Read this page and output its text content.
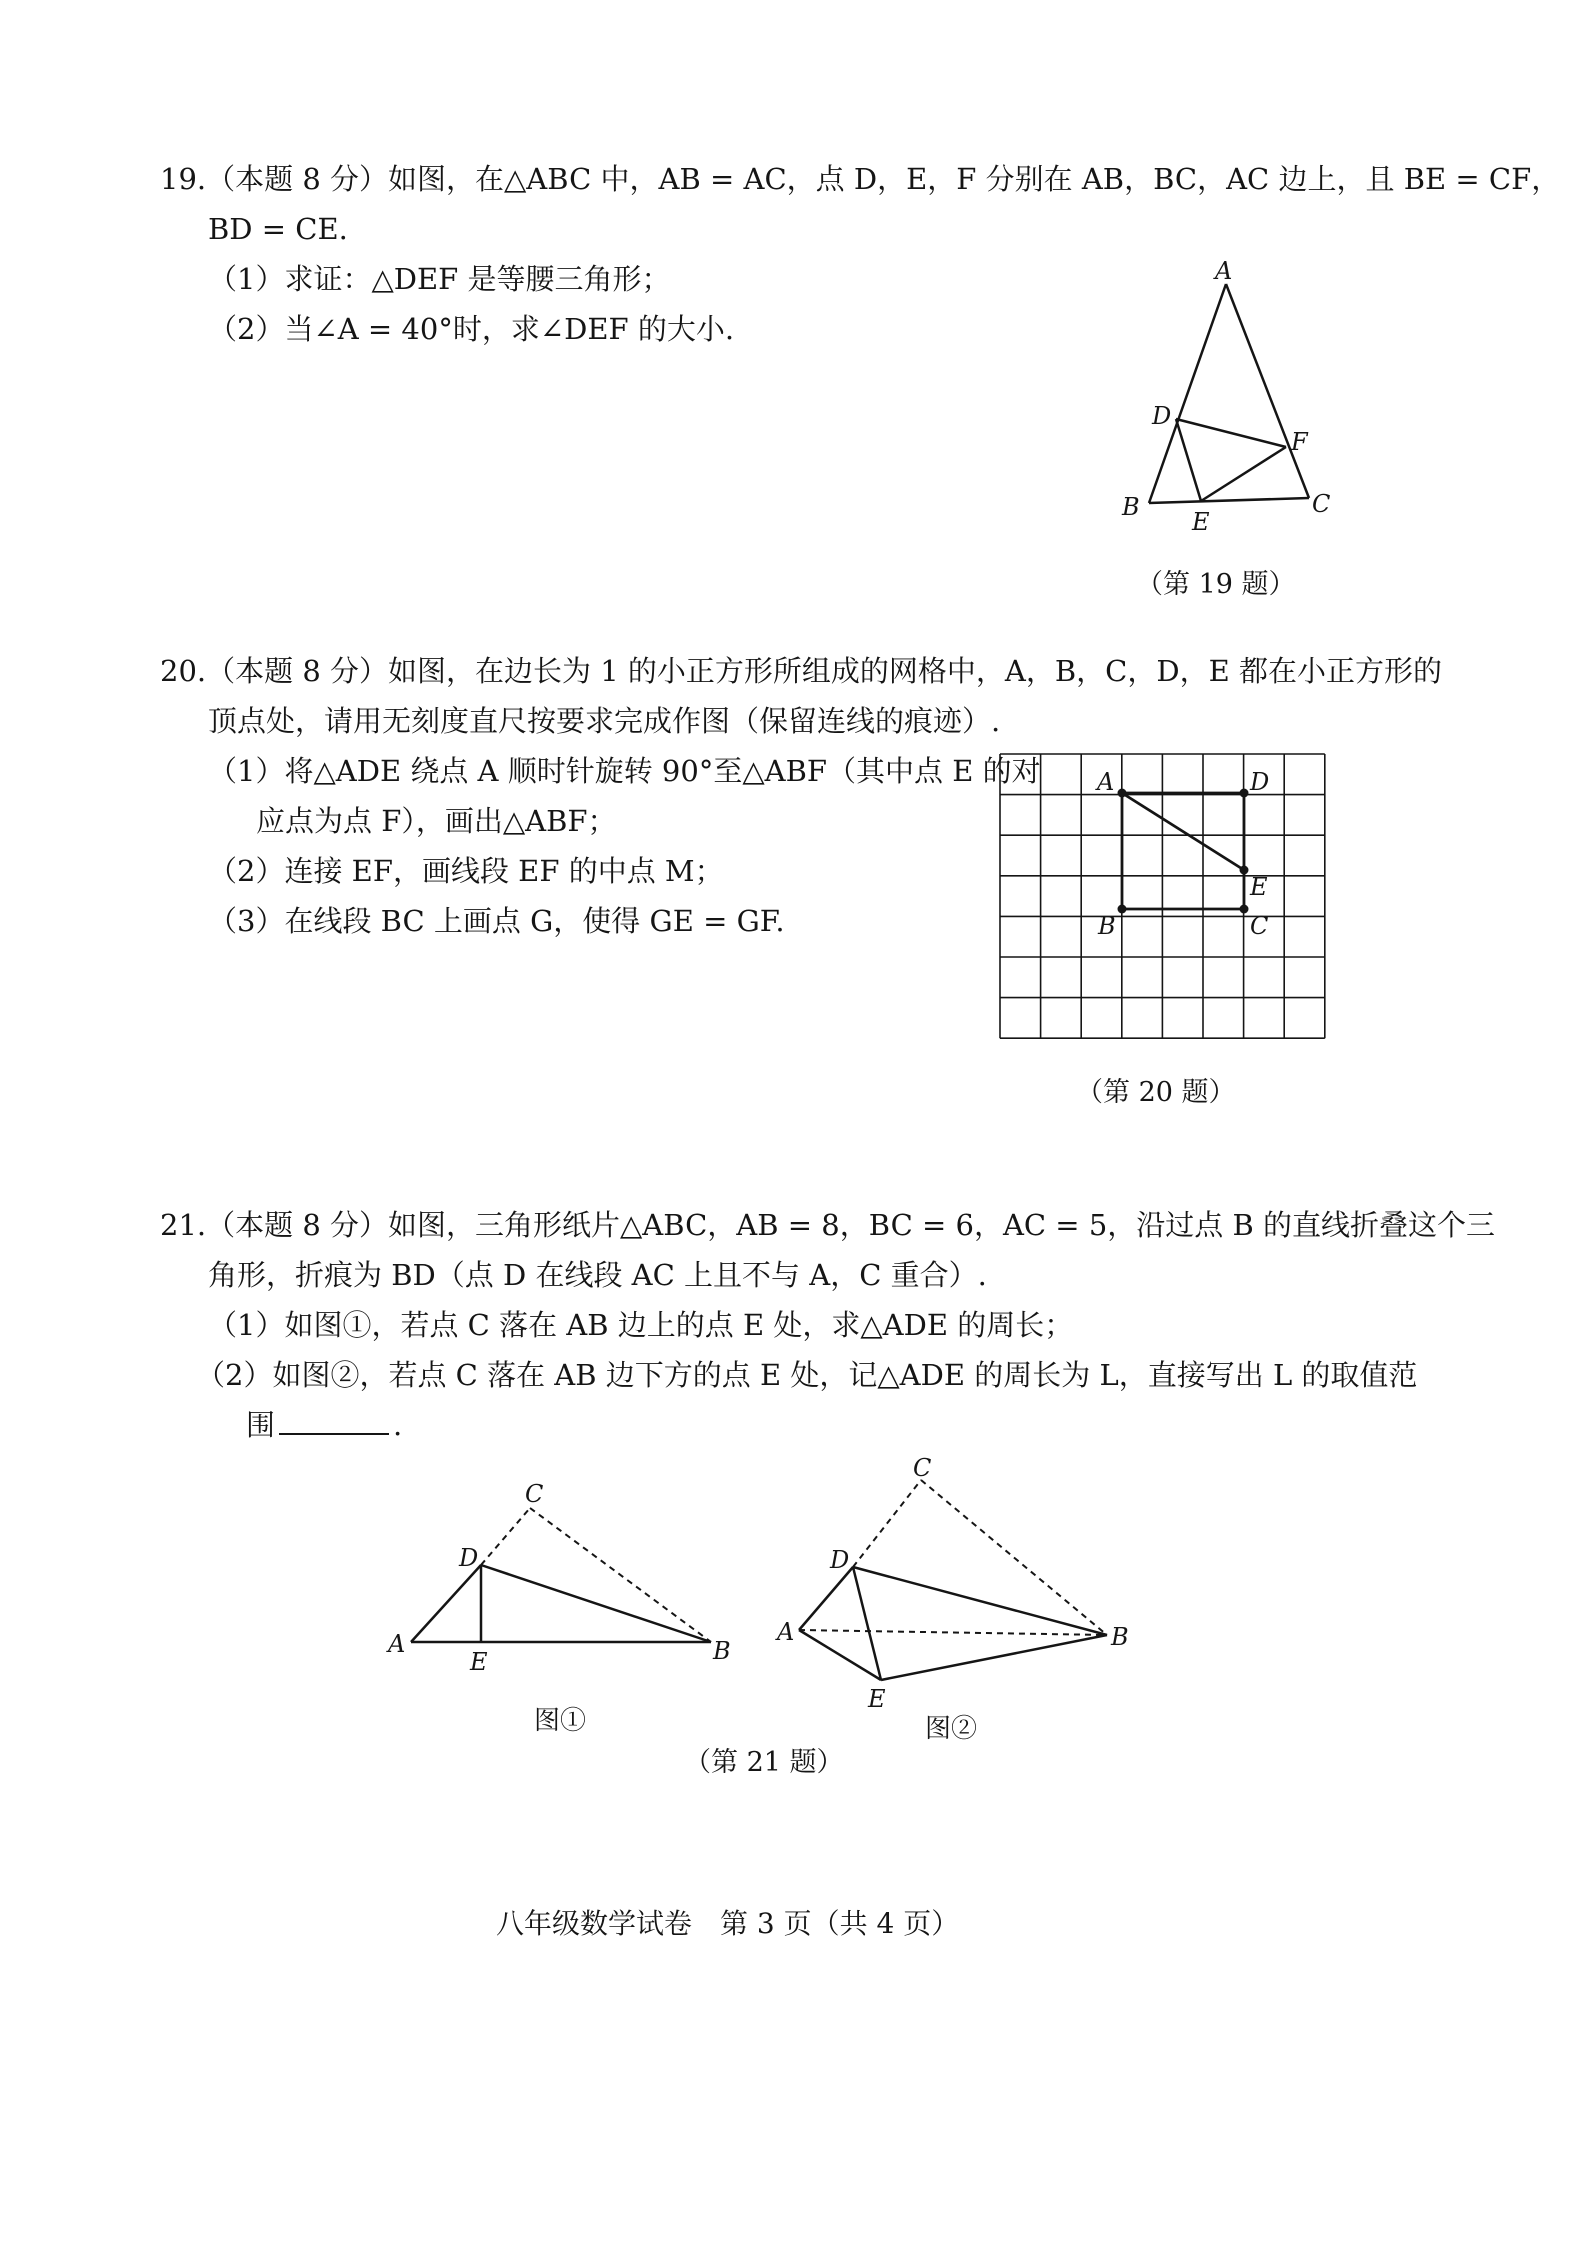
19.（本题 8 分）如图，在△ABC 中，AB = AC，点 D，E，F 分别在 AB，BC，AC 边上，且 BE = CF，
BD = CE.
（1）求证：△DEF 是等腰三角形；
（2）当∠A = 40°时，求∠DEF 的大小.
A
D
F
B
E
C
（第 19 题）
20.（本题 8 分）如图，在边长为 1 的小正方形所组成的网格中，A，B，C，D，E 都在小正方形的
顶点处，请用无刻度直尺按要求完成作图（保留连线的痕迹）.
（1）将△ADE 绕点 A 顺时针旋转 90°至△ABF（其中点 E 的对
应点为点 F），画出△ABF；
（2）连接 EF，画线段 EF 的中点 M；
（3）在线段 BC 上画点 G，使得 GE = GF.
A	D
E
B	C
（第 20 题）
21.（本题 8 分）如图，三角形纸片△ABC，AB = 8，BC = 6，AC = 5，沿过点 B 的直线折叠这个三
角形，折痕为 BD（点 D 在线段 AC 上且不与 A，C 重合）.
（1）如图①，若点 C 落在 AB 边上的点 E 处，求△ADE 的周长；
（2）如图②，若点 C 落在 AB 边下方的点 E 处，记△ADE 的周长为 L，直接写出 L 的取值范
围	.
C
D
A
E	B
C
D
A	B
E
图①	图②
（第 21 题）
八年级数学试卷　第 3 页（共 4 页）
